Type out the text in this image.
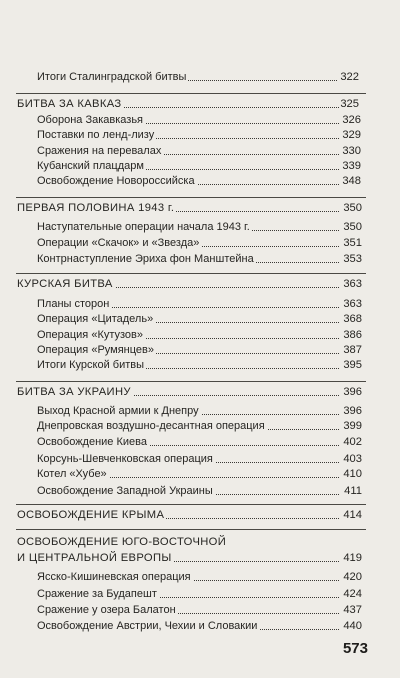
Итоги Сталинградской битвы	322
БИТВА ЗА КАВКАЗ	325
Оборона Закавказья	326
Поставки по ленд-лизу	329
Сражения на перевалах	330
Кубанский плацдарм	339
Освобождение Новороссийска	348
ПЕРВАЯ ПОЛОВИНА 1943 г.	350
Наступательные операции начала 1943 г.	350
Операции «Скачок» и «Звезда»	351
Контрнаступление Эриха фон Манштейна	353
КУРСКАЯ БИТВА	363
Планы сторон	363
Операция «Цитадель»	368
Операция «Кутузов»	386
Операция «Румянцев»	387
Итоги Курской битвы	395
БИТВА ЗА УКРАИНУ	396
Выход Красной армии к Днепру	396
Днепровская воздушно-десантная операция	399
Освобождение Киева	402
Корсунь-Шевченковская операция	403
Котел «Хубе»	410
Освобождение Западной Украины	411
ОСВОБОЖДЕНИЕ КРЫМА	414
ОСВОБОЖДЕНИЕ ЮГО-ВОСТОЧНОЙ
И ЦЕНТРАЛЬНОЙ ЕВРОПЫ	419
Ясско-Кишиневская операция	420
Сражение за Будапешт	424
Сражение у озера Балатон	437
Освобождение Австрии, Чехии и Словакии	440
573
